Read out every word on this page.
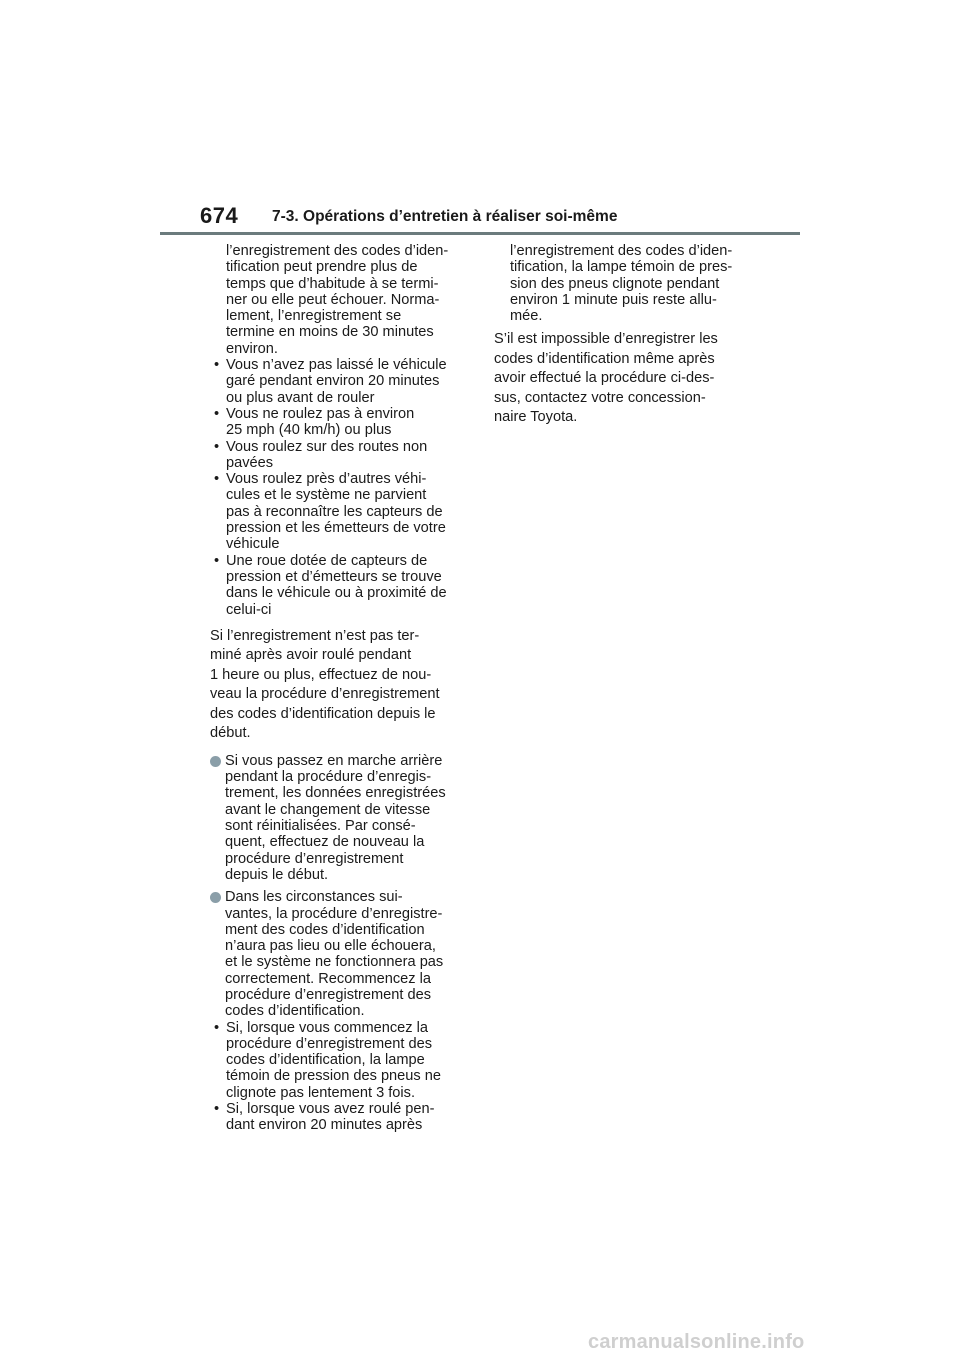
674 7-3. Opérations d’entretien à réaliser soi-même
l’enregistrement des codes d’iden-
tification peut prendre plus de
temps que d’habitude à se termi-
ner ou elle peut échouer. Norma-
lement, l’enregistrement se
termine en moins de 30 minutes
environ.
• Vous n’avez pas laissé le véhicule
garé pendant environ 20 minutes
ou plus avant de rouler
• Vous ne roulez pas à environ
25 mph (40 km/h) ou plus
• Vous roulez sur des routes non
pavées
• Vous roulez près d’autres véhi-
cules et le système ne parvient
pas à reconnaître les capteurs de
pression et les émetteurs de votre
véhicule
• Une roue dotée de capteurs de
pression et d’émetteurs se trouve
dans le véhicule ou à proximité de
celui-ci
Si l’enregistrement n’est pas ter-
miné après avoir roulé pendant
1 heure ou plus, effectuez de nou-
veau la procédure d’enregistrement
des codes d’identification depuis le
début.
Si vous passez en marche arrière
pendant la procédure d’enregis-
trement, les données enregistrées
avant le changement de vitesse
sont réinitialisées. Par consé-
quent, effectuez de nouveau la
procédure d’enregistrement
depuis le début.
Dans les circonstances sui-
vantes, la procédure d’enregistre-
ment des codes d’identification
n’aura pas lieu ou elle échouera,
et le système ne fonctionnera pas
correctement. Recommencez la
procédure d’enregistrement des
codes d’identification.
• Si, lorsque vous commencez la
procédure d’enregistrement des
codes d’identification, la lampe
témoin de pression des pneus ne
clignote pas lentement 3 fois.
• Si, lorsque vous avez roulé pen-
dant environ 20 minutes après
l’enregistrement des codes d’iden-
tification, la lampe témoin de pres-
sion des pneus clignote pendant
environ 1 minute puis reste allu-
mée.
S’il est impossible d’enregistrer les
codes d’identification même après
avoir effectué la procédure ci-des-
sus, contactez votre concession-
naire Toyota.
carmanualsonline.info
